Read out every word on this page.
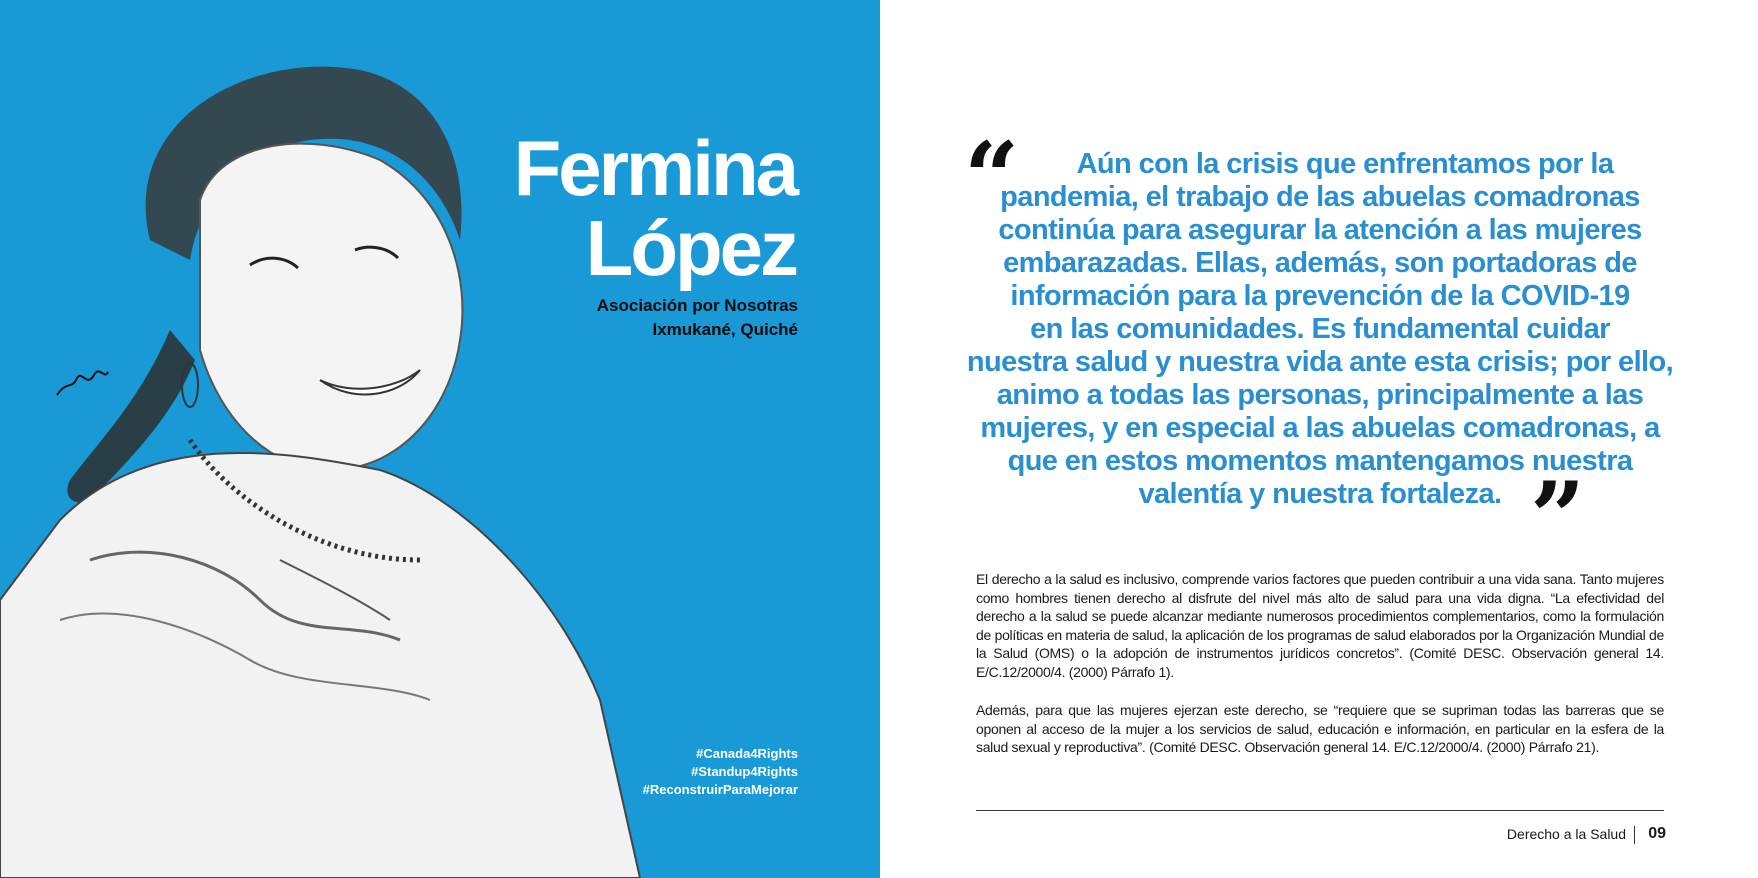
Fermina
López
Asociación por Nosotras
Ixmukané, Quiché
#Canada4Rights
#Standup4Rights
#ReconstruirParaMejorar
“	Aún con la crisis que enfrentamos por la
pandemia, el trabajo de las abuelas comadronas
continúa para asegurar la atención a las mujeres
embarazadas. Ellas, además, son portadoras de
información para la prevención de la COVID-19
en las comunidades. Es fundamental cuidar
nuestra salud y nuestra vida ante esta crisis; por ello,
animo a todas las personas, principalmente a las
mujeres, y en especial a las abuelas comadronas, a
que en estos momentos mantengamos nuestra
valentía y nuestra fortaleza. ”
El derecho a la salud es inclusivo, comprende varios factores que pueden contribuir a una vida sana. Tanto mujeres como hombres tienen derecho al disfrute del nivel más alto de salud para una vida digna. “La efectividad del derecho a la salud se puede alcanzar mediante numerosos procedimientos complementarios, como la formulación de políticas en materia de salud, la aplicación de los programas de salud elaborados por la Organización Mundial de la Salud (OMS) o la adopción de instrumentos jurídicos concretos”. (Comité DESC. Observación general 14. E/C.12/2000/4. (2000) Párrafo 1).
Además, para que las mujeres ejerzan este derecho, se “requiere que se supriman todas las barreras que se oponen al acceso de la mujer a los servicios de salud, educación e información, en particular en la esfera de la salud sexual y reproductiva”. (Comité DESC. Observación general 14. E/C.12/2000/4. (2000) Párrafo 21).
Derecho a la Salud	09
